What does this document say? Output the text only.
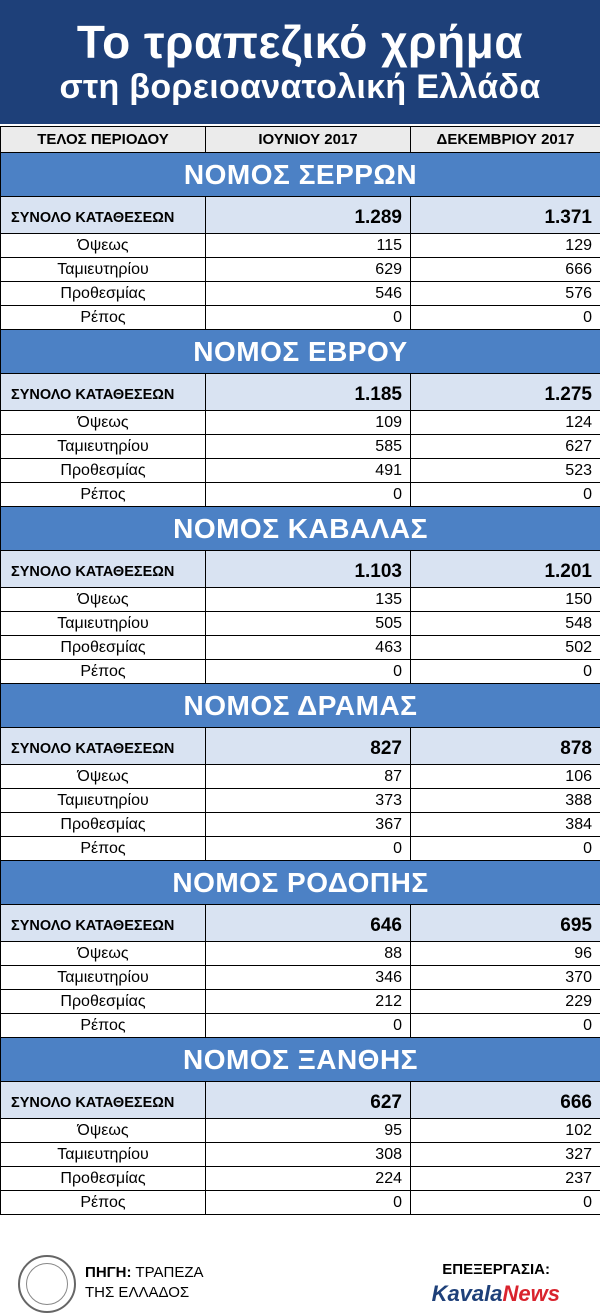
Το τραπεζικό χρήμα
στη βορειοανατολική Ελλάδα
ΤΕΛΟΣ ΠΕΡΙΟΔΟΥ	ΙΟΥΝΙΟΥ 2017	ΔΕΚΕΜΒΡΙΟΥ 2017
ΝΟΜΟΣ ΣΕΡΡΩΝ		
ΣΥΝΟΛΟ ΚΑΤΑΘΕΣΕΩΝ	1.289	1.371
Όψεως	115	129
Ταμιευτηρίου	629	666
Προθεσμίας	546	576
Ρέπος	0	0
ΝΟΜΟΣ ΕΒΡΟΥ		
ΣΥΝΟΛΟ ΚΑΤΑΘΕΣΕΩΝ	1.185	1.275
Όψεως	109	124
Ταμιευτηρίου	585	627
Προθεσμίας	491	523
Ρέπος	0	0
ΝΟΜΟΣ ΚΑΒΑΛΑΣ		
ΣΥΝΟΛΟ ΚΑΤΑΘΕΣΕΩΝ	1.103	1.201
Όψεως	135	150
Ταμιευτηρίου	505	548
Προθεσμίας	463	502
Ρέπος	0	0
ΝΟΜΟΣ ΔΡΑΜΑΣ		
ΣΥΝΟΛΟ ΚΑΤΑΘΕΣΕΩΝ	827	878
Όψεως	87	106
Ταμιευτηρίου	373	388
Προθεσμίας	367	384
Ρέπος	0	0
ΝΟΜΟΣ ΡΟΔΟΠΗΣ		
ΣΥΝΟΛΟ ΚΑΤΑΘΕΣΕΩΝ	646	695
Όψεως	88	96
Ταμιευτηρίου	346	370
Προθεσμίας	212	229
Ρέπος	0	0
ΝΟΜΟΣ ΞΑΝΘΗΣ		
ΣΥΝΟΛΟ ΚΑΤΑΘΕΣΕΩΝ	627	666
Όψεως	95	102
Ταμιευτηρίου	308	327
Προθεσμίας	224	237
Ρέπος	0	0
ΠΗΓΗ: ΤΡΑΠΕΖΑ
ΤΗΣ ΕΛΛΑΔΟΣ
ΕΠΕΞΕΡΓΑΣΙΑ:
KavalaNews
